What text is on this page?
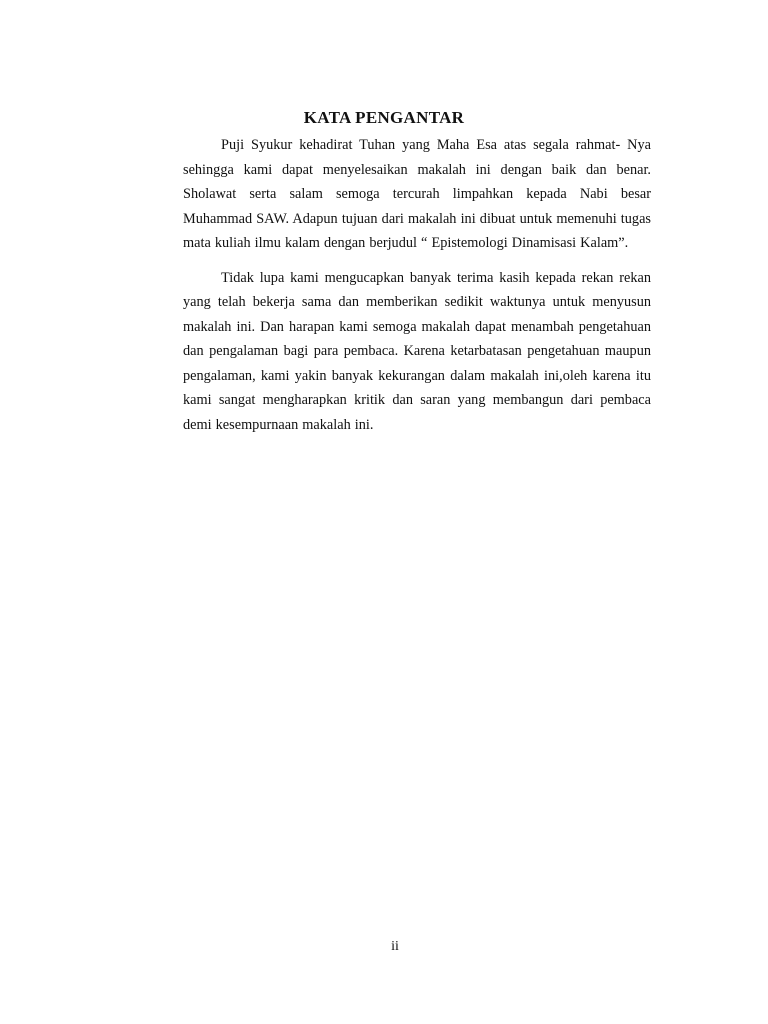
KATA PENGANTAR

Puji Syukur kehadirat Tuhan yang Maha Esa atas segala rahmat- Nya sehingga kami dapat menyelesaikan makalah ini dengan baik dan benar. Sholawat serta salam semoga tercurah limpahkan kepada Nabi besar Muhammad SAW. Adapun tujuan dari makalah ini dibuat untuk memenuhi tugas mata kuliah ilmu kalam dengan berjudul “ Epistemologi Dinamisasi Kalam”.

Tidak lupa kami mengucapkan banyak terima kasih kepada rekan rekan yang telah bekerja sama dan memberikan sedikit waktunya untuk menyusun makalah ini. Dan harapan kami semoga makalah dapat menambah pengetahuan dan pengalaman bagi para pembaca. Karena ketarbatasan pengetahuan maupun pengalaman, kami yakin banyak kekurangan dalam makalah ini,oleh karena itu kami sangat mengharapkan kritik dan saran yang membangun dari pembaca demi kesempurnaan makalah ini.

ii
